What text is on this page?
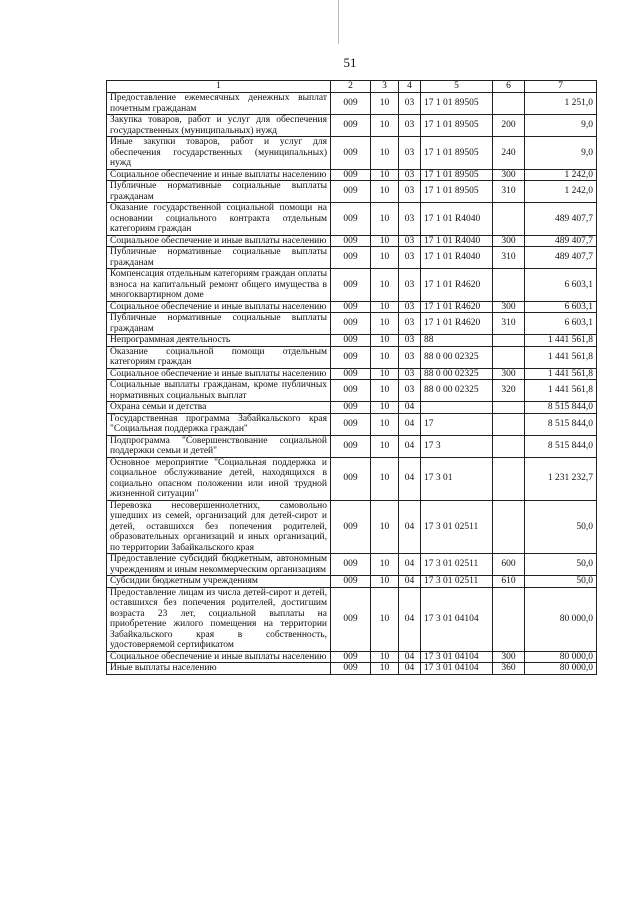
51
1	2	3	4	5	6	7
Предоставление ежемесячных денежных выплат почетным гражданам	009	10	03	17 1 01 89505		1 251,0
Закупка товаров, работ и услуг для обеспечения государственных (муниципальных) нужд	009	10	03	17 1 01 89505	200	9,0
Иные закупки товаров, работ и услуг для обеспечения государственных (муниципальных) нужд	009	10	03	17 1 01 89505	240	9,0
Социальное обеспечение и иные выплаты населению	009	10	03	17 1 01 89505	300	1 242,0
Публичные нормативные социальные выплаты гражданам	009	10	03	17 1 01 89505	310	1 242,0
Оказание государственной социальной помощи на основании социального контракта отдельным категориям граждан	009	10	03	17 1 01 R4040		489 407,7
Социальное обеспечение и иные выплаты населению	009	10	03	17 1 01 R4040	300	489 407,7
Публичные нормативные социальные выплаты гражданам	009	10	03	17 1 01 R4040	310	489 407,7
Компенсация отдельным категориям граждан оплаты взноса на капитальный ремонт общего имущества в многоквартирном доме	009	10	03	17 1 01 R4620		6 603,1
Социальное обеспечение и иные выплаты населению	009	10	03	17 1 01 R4620	300	6 603,1
Публичные нормативные социальные выплаты гражданам	009	10	03	17 1 01 R4620	310	6 603,1
Непрограммная деятельность	009	10	03	88		1 441 561,8
Оказание социальной помощи отдельным категориям граждан	009	10	03	88 0 00 02325		1 441 561,8
Социальное обеспечение и иные выплаты населению	009	10	03	88 0 00 02325	300	1 441 561,8
Социальные выплаты гражданам, кроме публичных нормативных социальных выплат	009	10	03	88 0 00 02325	320	1 441 561,8
Охрана семьи и детства	009	10	04			8 515 844,0
Государственная программа Забайкальского края "Социальная поддержка граждан"	009	10	04	17		8 515 844,0
Подпрограмма "Совершенствование социальной поддержки семьи и детей"	009	10	04	17 3		8 515 844,0
Основное мероприятие "Социальная поддержка и социальное обслуживание детей, находящихся в социально опасном положении или иной трудной жизненной ситуации"	009	10	04	17 3 01		1 231 232,7
Перевозка несовершеннолетних, самовольно ушедших из семей, организаций для детей-сирот и детей, оставшихся без попечения родителей, образовательных организаций и иных организаций, по территории Забайкальского края	009	10	04	17 3 01 02511		50,0
Предоставление субсидий бюджетным, автономным учреждениям и иным некоммерческим организациям	009	10	04	17 3 01 02511	600	50,0
Субсидии бюджетным учреждениям	009	10	04	17 3 01 02511	610	50,0
Предоставление лицам из числа детей-сирот и детей, оставшихся без попечения родителей, достигшим возраста 23 лет, социальной выплаты на приобретение жилого помещения на территории Забайкальского края в собственность, удостоверяемой сертификатом	009	10	04	17 3 01 04104		80 000,0
Социальное обеспечение и иные выплаты населению	009	10	04	17 3 01 04104	300	80 000,0
Иные выплаты населению	009	10	04	17 3 01 04104	360	80 000,0
